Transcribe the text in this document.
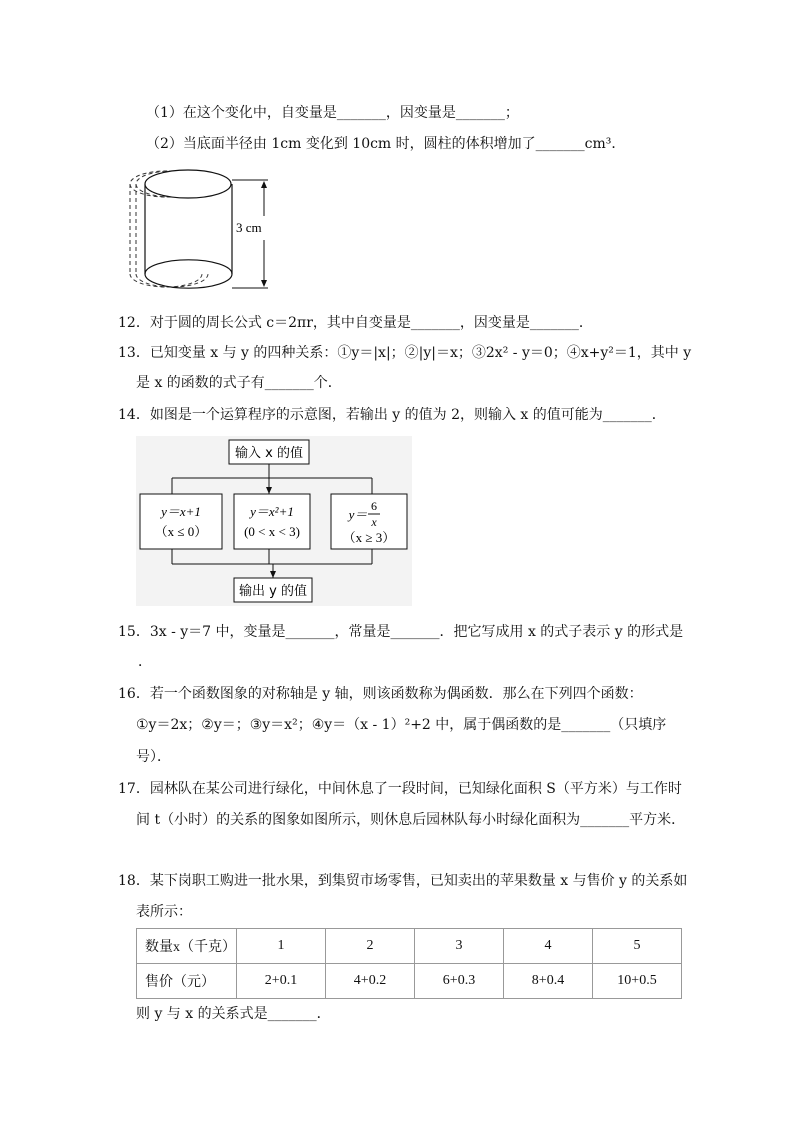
（1）在这个变化中，自变量是_______，因变量是_______；
（2）当底面半径由 1cm 变化到 10cm 时，圆柱的体积增加了_______cm³．
3 cm
12．对于圆的周长公式 c＝2πr，其中自变量是_______，因变量是_______．
13．已知变量 x 与 y 的四种关系：①y＝|x|；②|y|＝x；③2x² - y＝0；④x+y²＝1，其中 y
是 x 的函数的式子有_______个．
14．如图是一个运算程序的示意图，若输出 y 的值为 2，则输入 x 的值可能为_______．
输入 x 的值
y＝x+1
（x ≤ 0）
y＝x²+1
(0 < x < 3)
y＝
6
x
（x ≥ 3）
输出 y 的值
15．3x - y＝7 中，变量是_______，常量是_______．把它写成用 x 的式子表示 y 的形式是
．
16．若一个函数图象的对称轴是 y 轴，则该函数称为偶函数．那么在下列四个函数：
①y＝2x；②y＝；③y＝x²；④y＝（x - 1）²+2 中，属于偶函数的是_______（只填序
号）．
17．园林队在某公司进行绿化，中间休息了一段时间，已知绿化面积 S（平方米）与工作时
间 t（小时）的关系的图象如图所示，则休息后园林队每小时绿化面积为_______平方米．
18．某下岗职工购进一批水果，到集贸市场零售，已知卖出的苹果数量 x 与售价 y 的关系如
表所示：
数量x（千克）	1	2	3	4	5
售价（元）	2+0.1	4+0.2	6+0.3	8+0.4	10+0.5
则 y 与 x 的关系式是_______．
